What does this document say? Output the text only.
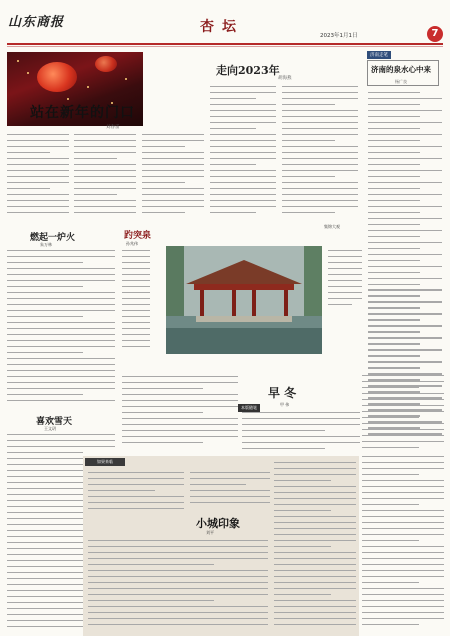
山东商报	杏坛
2023年1月1日	7
站在新年的门口
刘春雷
走向2023年
胡海燕
济南走笔
济南的泉水心中来
杨广良
燃起一炉火
朱万林
喜欢雪天
王文玥
集锦大观
趵突泉
孙兆伟
本版随笔
早 冬
甲 伟
如果来临
小城印象
刘平
